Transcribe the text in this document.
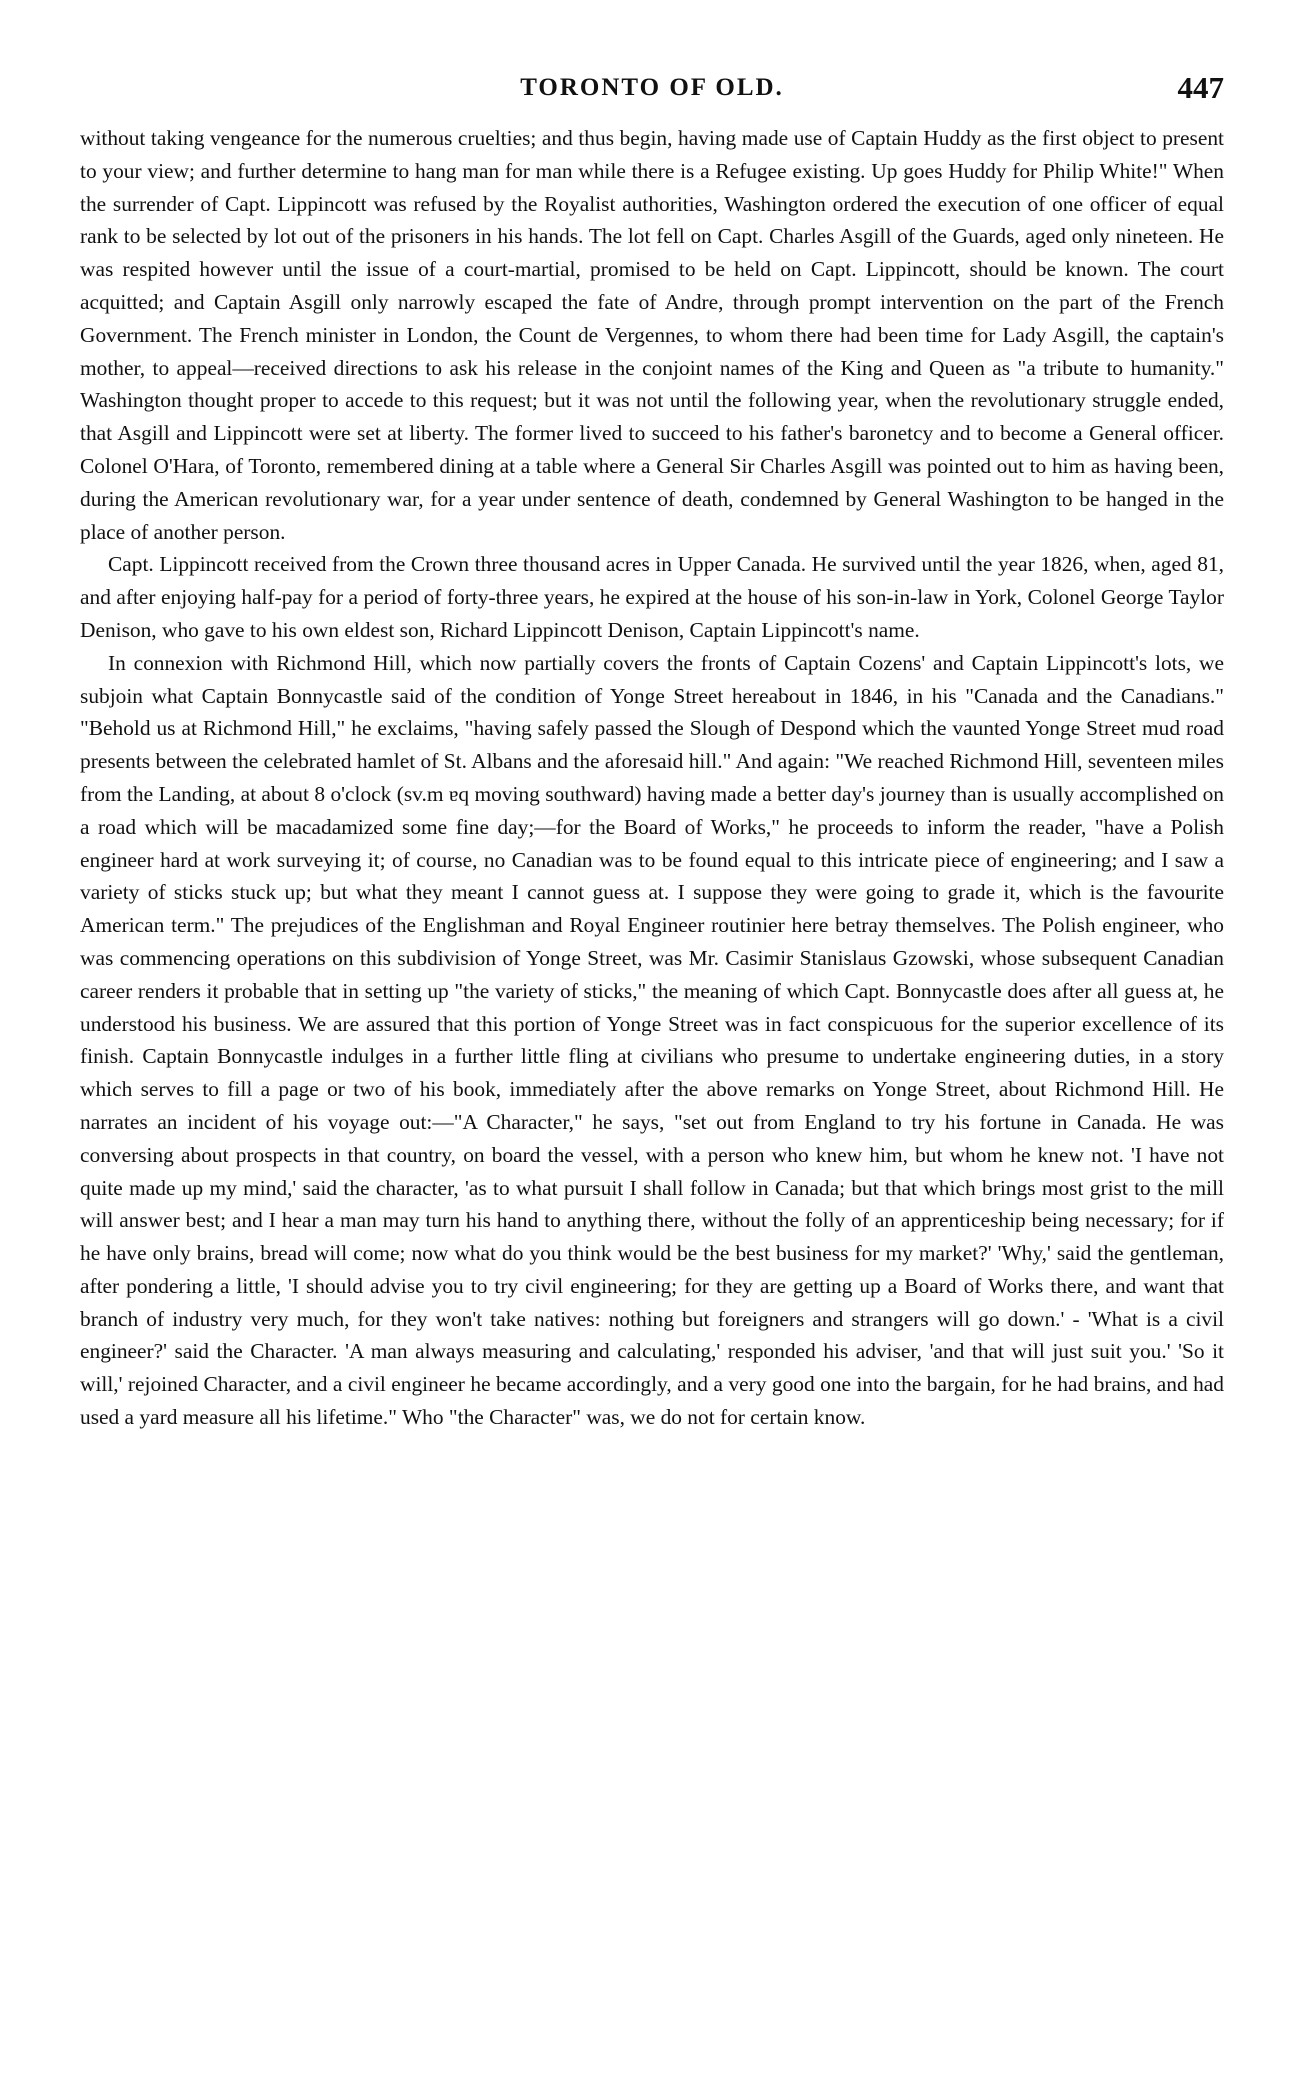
TORONTO OF OLD.	447

without taking vengeance for the numerous cruelties; and thus begin, having made use of Captain Huddy as the first object to present to your view; and further determine to hang man for man while there is a Refugee existing. Up goes Huddy for Philip White!" When the surrender of Capt. Lippincott was refused by the Royalist authorities, Washington ordered the execution of one officer of equal rank to be selected by lot out of the prisoners in his hands. The lot fell on Capt. Charles Asgill of the Guards, aged only nineteen. He was respited however until the issue of a court-martial, promised to be held on Capt. Lippincott, should be known. The court acquitted; and Captain Asgill only narrowly escaped the fate of Andre, through prompt intervention on the part of the French Government. The French minister in London, the Count de Vergennes, to whom there had been time for Lady Asgill, the captain's mother, to appeal—received directions to ask his release in the conjoint names of the King and Queen as "a tribute to humanity." Washington thought proper to accede to this request; but it was not until the following year, when the revolutionary struggle ended, that Asgill and Lippincott were set at liberty. The former lived to succeed to his father's baronetcy and to become a General officer. Colonel O'Hara, of Toronto, remembered dining at a table where a General Sir Charles Asgill was pointed out to him as having been, during the American revolutionary war, for a year under sentence of death, condemned by General Washington to be hanged in the place of another person.

Capt. Lippincott received from the Crown three thousand acres in Upper Canada. He survived until the year 1826, when, aged 81, and after enjoying half-pay for a period of forty-three years, he expired at the house of his son-in-law in York, Colonel George Taylor Denison, who gave to his own eldest son, Richard Lippincott Denison, Captain Lippincott's name.

In connexion with Richmond Hill, which now partially covers the fronts of Captain Cozens' and Captain Lippincott's lots, we subjoin what Captain Bonnycastle said of the condition of Yonge Street hereabout in 1846, in his "Canada and the Canadians." "Behold us at Richmond Hill," he exclaims, "having safely passed the Slough of Despond which the vaunted Yonge Street mud road presents between the celebrated hamlet of St. Albans and the aforesaid hill." And again: "We reached Richmond Hill, seventeen miles from the Landing, at about 8 o'clock (sv.m ɐq moving southward) having made a better day's journey than is usually accomplished on a road which will be macadamized some fine day;—for the Board of Works," he proceeds to inform the reader, "have a Polish engineer hard at work surveying it; of course, no Canadian was to be found equal to this intricate piece of engineering; and I saw a variety of sticks stuck up; but what they meant I cannot guess at. I suppose they were going to grade it, which is the favourite American term." The prejudices of the Englishman and Royal Engineer routinier here betray themselves. The Polish engineer, who was commencing operations on this subdivision of Yonge Street, was Mr. Casimir Stanislaus Gzowski, whose subsequent Canadian career renders it probable that in setting up "the variety of sticks," the meaning of which Capt. Bonnycastle does after all guess at, he understood his business. We are assured that this portion of Yonge Street was in fact conspicuous for the superior excellence of its finish. Captain Bonnycastle indulges in a further little fling at civilians who presume to undertake engineering duties, in a story which serves to fill a page or two of his book, immediately after the above remarks on Yonge Street, about Richmond Hill. He narrates an incident of his voyage out:—"A Character," he says, "set out from England to try his fortune in Canada. He was conversing about prospects in that country, on board the vessel, with a person who knew him, but whom he knew not. 'I have not quite made up my mind,' said the character, 'as to what pursuit I shall follow in Canada; but that which brings most grist to the mill will answer best; and I hear a man may turn his hand to anything there, without the folly of an apprenticeship being necessary; for if he have only brains, bread will come; now what do you think would be the best business for my market?' 'Why,' said the gentleman, after pondering a little, 'I should advise you to try civil engineering; for they are getting up a Board of Works there, and want that branch of industry very much, for they won't take natives: nothing but foreigners and strangers will go down.' - 'What is a civil engineer?' said the Character. 'A man always measuring and calculating,' responded his adviser, 'and that will just suit you.' 'So it will,' rejoined Character, and a civil engineer he became accordingly, and a very good one into the bargain, for he had brains, and had used a yard measure all his lifetime." Who "the Character" was, we do not for certain know.
